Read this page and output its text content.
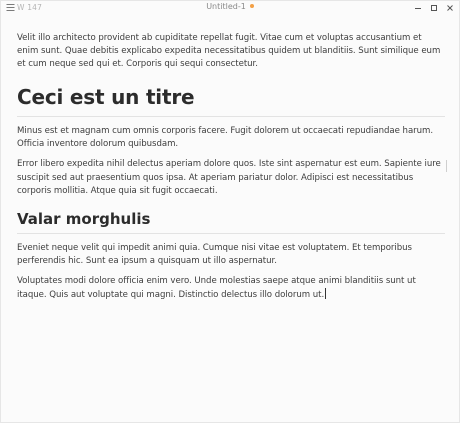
W 147	Untitled-1

Velit illo architecto provident ab cupiditate repellat fugit. Vitae cum et voluptas accusantium et enim sunt. Quae debitis explicabo expedita necessitatibus quidem ut blanditiis. Sunt similique eum et cum neque sed qui et. Corporis qui sequi consectetur.

Ceci est un titre

Minus est et magnam cum omnis corporis facere. Fugit dolorem ut occaecati repudiandae harum. Officia inventore dolorum quibusdam.

Error libero expedita nihil delectus aperiam dolore quos. Iste sint aspernatur est eum. Sapiente iure suscipit sed aut praesentium quos ipsa. At aperiam pariatur dolor. Adipisci est necessitatibus corporis mollitia. Atque quia sit fugit occaecati.

Valar morghulis

Eveniet neque velit qui impedit animi quia. Cumque nisi vitae est voluptatem. Et temporibus perferendis hic. Sunt ea ipsum a quisquam ut illo aspernatur.

Voluptates modi dolore officia enim vero. Unde molestias saepe atque animi blanditiis sunt ut itaque. Quis aut voluptate qui magni. Distinctio delectus illo dolorum ut.
